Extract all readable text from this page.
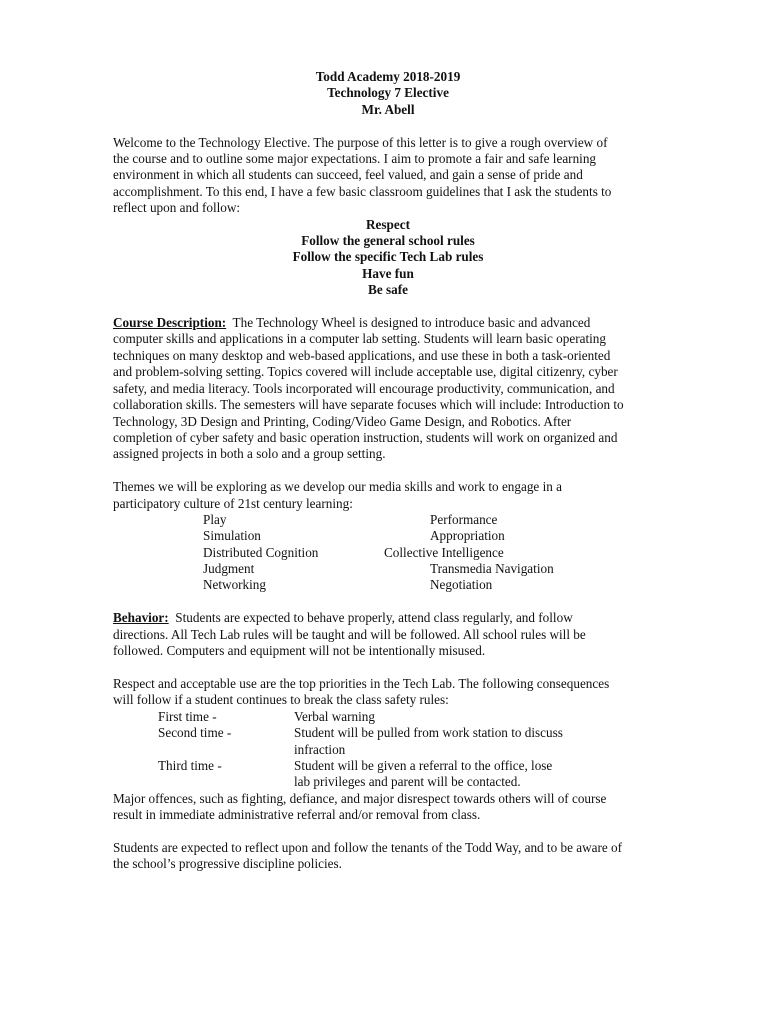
Todd Academy 2018-2019
Technology 7 Elective
Mr. Abell
Welcome to the Technology Elective. The purpose of this letter is to give a rough overview of
the course and to outline some major expectations. I aim to promote a fair and safe learning
environment in which all students can succeed, feel valued, and gain a sense of pride and
accomplishment. To this end, I have a few basic classroom guidelines that I ask the students to
reflect upon and follow:
Respect
Follow the general school rules
Follow the specific Tech Lab rules
Have fun
Be safe
Course Description:  The Technology Wheel is designed to introduce basic and advanced
computer skills and applications in a computer lab setting. Students will learn basic operating
techniques on many desktop and web-based applications, and use these in both a task-oriented
and problem-solving setting. Topics covered will include acceptable use, digital citizenry, cyber
safety, and media literacy. Tools incorporated will encourage productivity, communication, and
collaboration skills. The semesters will have separate focuses which will include: Introduction to
Technology, 3D Design and Printing, Coding/Video Game Design, and Robotics. After
completion of cyber safety and basic operation instruction, students will work on organized and
assigned projects in both a solo and a group setting.
Themes we will be exploring as we develop our media skills and work to engage in a
participatory culture of 21st century learning:
Play	Performance
Simulation	Appropriation
Distributed Cognition	Collective Intelligence
Judgment	Transmedia Navigation
Networking	Negotiation
Behavior:  Students are expected to behave properly, attend class regularly, and follow
directions. All Tech Lab rules will be taught and will be followed. All school rules will be
followed. Computers and equipment will not be intentionally misused.
Respect and acceptable use are the top priorities in the Tech Lab. The following consequences
will follow if a student continues to break the class safety rules:
First time -	Verbal warning
Second time -	Student will be pulled from work station to discuss
infraction
Third time -	Student will be given a referral to the office, lose
lab privileges and parent will be contacted.
Major offences, such as fighting, defiance, and major disrespect towards others will of course
result in immediate administrative referral and/or removal from class.
Students are expected to reflect upon and follow the tenants of the Todd Way, and to be aware of
the school’s progressive discipline policies.
